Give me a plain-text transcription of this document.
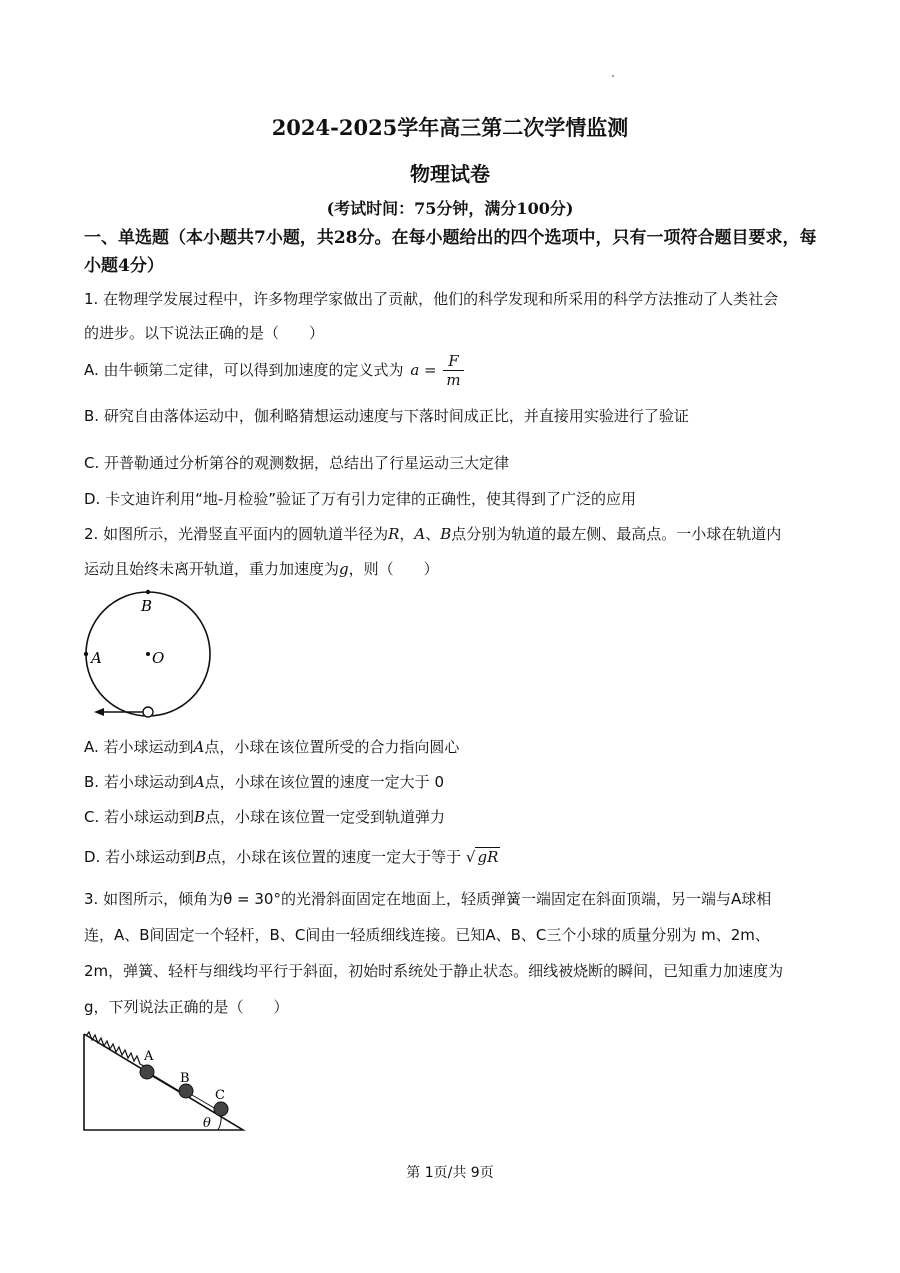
2024-2025学年高三第二次学情监测
物理试卷
(考试时间：75分钟，满分100分)
一、单选题（本小题共7小题，共28分。在每小题给出的四个选项中，只有一项符合题目要求，每小题4分）
1. 在物理学发展过程中，许多物理学家做出了贡献，他们的科学发现和所采用的科学方法推动了人类社会
的进步。以下说法正确的是（　　）
A. 由牛顿第二定律，可以得到加速度的定义式为 $a = \frac{F}{m}$
B. 研究自由落体运动中，伽利略猜想运动速度与下落时间成正比，并直接用实验进行了验证
C. 开普勒通过分析第谷的观测数据，总结出了行星运动三大定律
D. 卡文迪许利用“地-月检验”验证了万有引力定律的正确性，使其得到了广泛的应用
2. 如图所示，光滑竖直平面内的圆轨道半径为R，A、B点分别为轨道的最左侧、最高点。一小球在轨道内
运动且始终未离开轨道，重力加速度为g，则（　　）
B
A	O
A. 若小球运动到A点，小球在该位置所受的合力指向圆心
B. 若小球运动到A点，小球在该位置的速度一定大于 0
C. 若小球运动到B点，小球在该位置一定受到轨道弹力
D. 若小球运动到B点，小球在该位置的速度一定大于等于 √ gR
3. 如图所示，倾角为θ = 30°的光滑斜面固定在地面上，轻质弹簧一端固定在斜面顶端，另一端与A球相
连，A、B间固定一个轻杆，B、C间由一轻质细线连接。已知A、B、C三个小球的质量分别为 m、2m、
2m，弹簧、轻杆与细线均平行于斜面，初始时系统处于静止状态。细线被烧断的瞬间，已知重力加速度为
g，下列说法正确的是（　　）
A
B
C
θ
第 1页/共 9页
